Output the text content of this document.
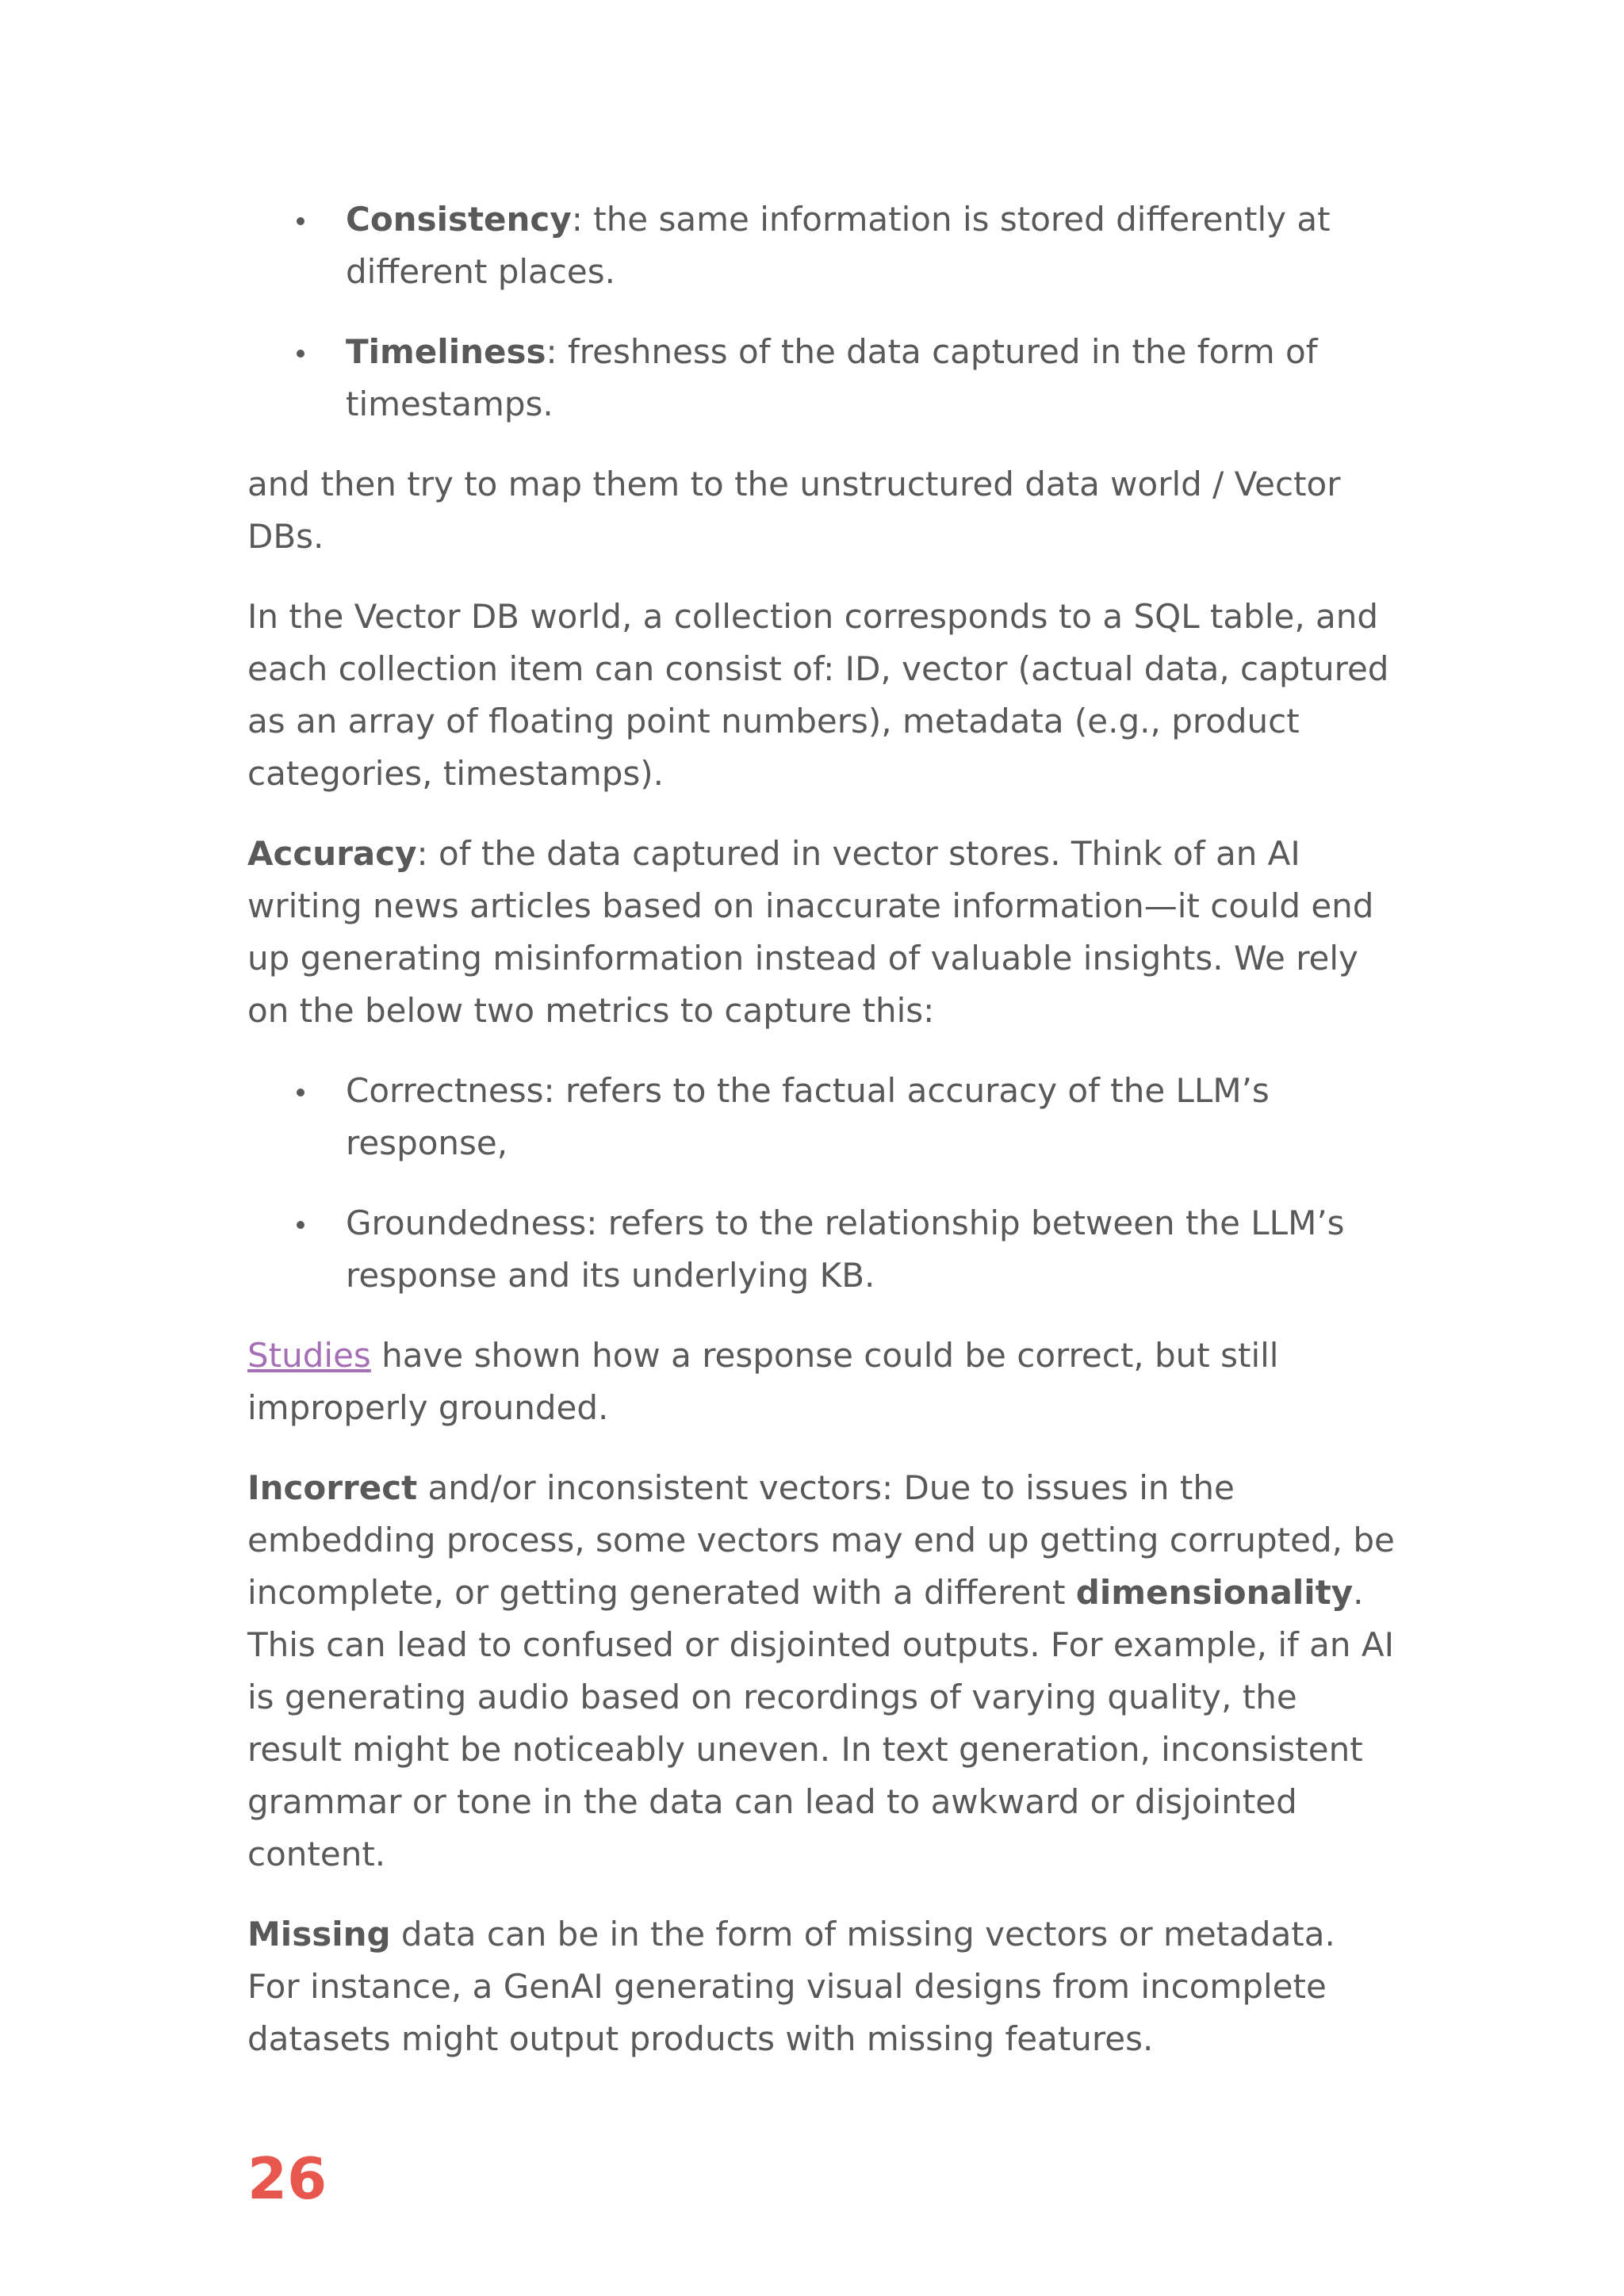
Consistency: the same information is stored differently at different places.
Timeliness: freshness of the data captured in the form of timestamps.

and then try to map them to the unstructured data world / Vector DBs.

In the Vector DB world, a collection corresponds to a SQL table, and each collection item can consist of: ID, vector (actual data, captured as an array of floating point numbers), metadata (e.g., product categories, timestamps).

Accuracy: of the data captured in vector stores. Think of an AI writing news articles based on inaccurate information—it could end up generating misinformation instead of valuable insights. We rely on the below two metrics to capture this:

Correctness: refers to the factual accuracy of the LLM’s response,
Groundedness: refers to the relationship between the LLM’s response and its underlying KB.

Studies have shown how a response could be correct, but still improperly grounded.

Incorrect and/or inconsistent vectors: Due to issues in the embedding process, some vectors may end up getting corrupted, be incomplete, or getting generated with a different dimensionality. This can lead to confused or disjointed outputs. For example, if an AI is generating audio based on recordings of varying quality, the result might be noticeably uneven. In text generation, inconsistent grammar or tone in the data can lead to awkward or disjointed content.

Missing data can be in the form of missing vectors or metadata. For instance, a GenAI generating visual designs from incomplete datasets might output products with missing features.

26
